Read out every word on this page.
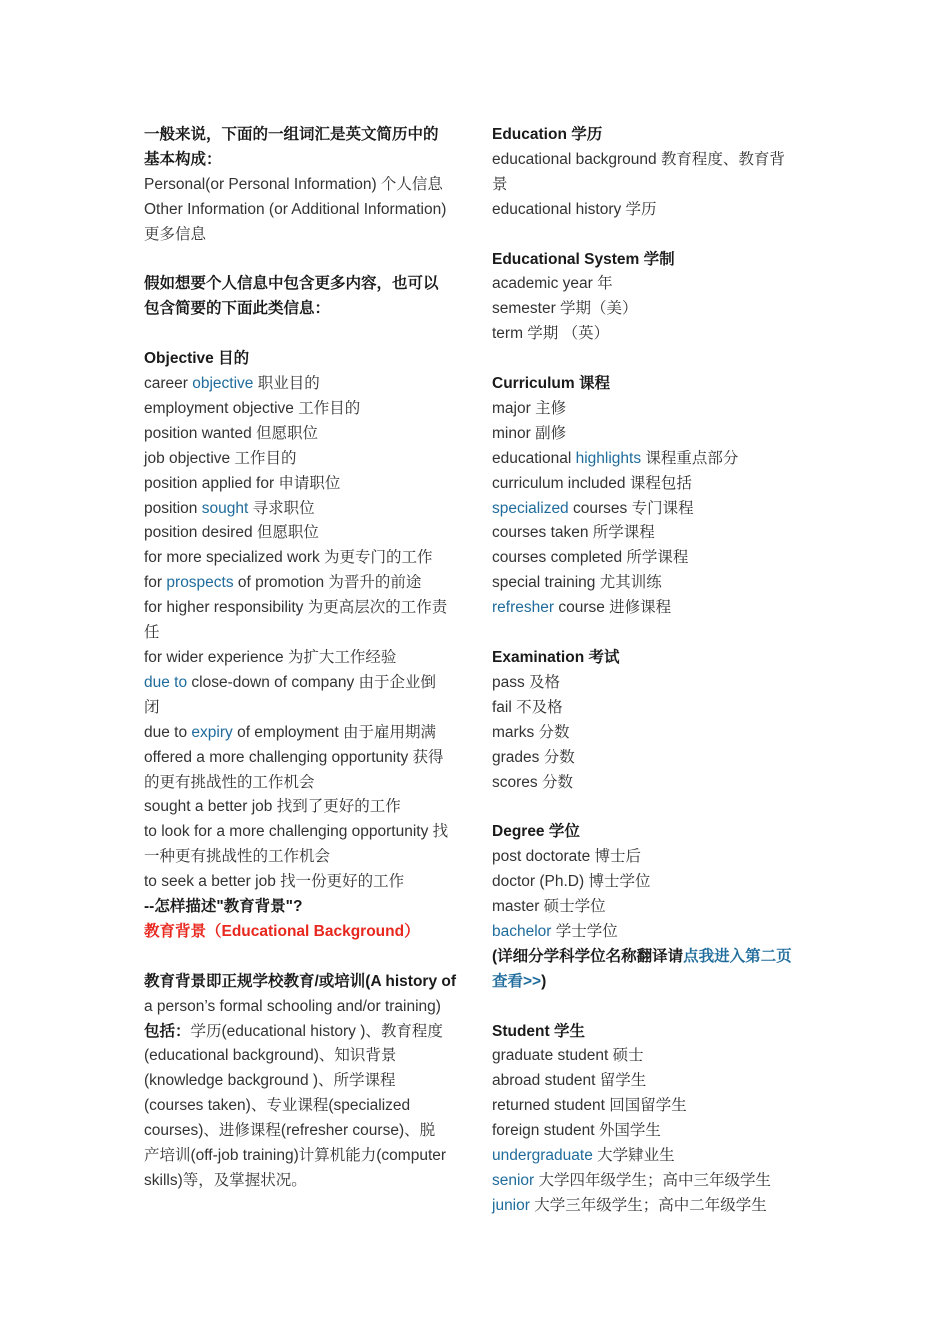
一般来说，下面的一组词汇是英文简历中的
基本构成：
Personal(or Personal Information) 个人信息
Other Information (or Additional Information)
更多信息
假如想要个人信息中包含更多内容，也可以
包含简要的下面此类信息：
Objective 目的
career objective 职业目的
employment objective 工作目的
position wanted 但愿职位
job objective 工作目的
position applied for 申请职位
position sought 寻求职位
position desired 但愿职位
for more specialized work 为更专门的工作
for prospects of promotion 为晋升的前途
for higher responsibility 为更高层次的工作责
任
for wider experience 为扩大工作经验
due to close-down of company 由于企业倒
闭
due to expiry of employment 由于雇用期满
offered a more challenging opportunity 获得
的更有挑战性的工作机会
sought a better job 找到了更好的工作
to look for a more challenging opportunity 找
一种更有挑战性的工作机会
to seek a better job 找一份更好的工作
--怎样描述"教育背景"?
教育背景（Educational Background）
教育背景即正规学校教育/或培训(A history of
a person’s formal schooling and/or training)
包括：学历(educational history )、教育程度
(educational background)、知识背景
(knowledge background )、所学课程
(courses taken)、专业课程(specialized
courses)、进修课程(refresher course)、脱
产培训(off-job training)计算机能力(computer
skills)等，及掌握状况。
Education 学历
educational background 教育程度、教育背
景
educational history 学历
Educational System 学制
academic year 年
semester 学期（美）
term 学期 （英）
Curriculum 课程
major 主修
minor 副修
educational highlights 课程重点部分
curriculum included 课程包括
specialized courses 专门课程
courses taken 所学课程
courses completed 所学课程
special training 尤其训练
refresher course 进修课程
Examination 考试
pass 及格
fail 不及格
marks 分数
grades 分数
scores 分数
Degree 学位
post doctorate 博士后
doctor (Ph.D) 博士学位
master 硕士学位
bachelor 学士学位
(详细分学科学位名称翻译请点我进入第二页
查看>>)
Student 学生
graduate student 硕士
abroad student 留学生
returned student 回国留学生
foreign student 外国学生
undergraduate 大学肄业生
senior 大学四年级学生；高中三年级学生
junior 大学三年级学生；高中二年级学生
